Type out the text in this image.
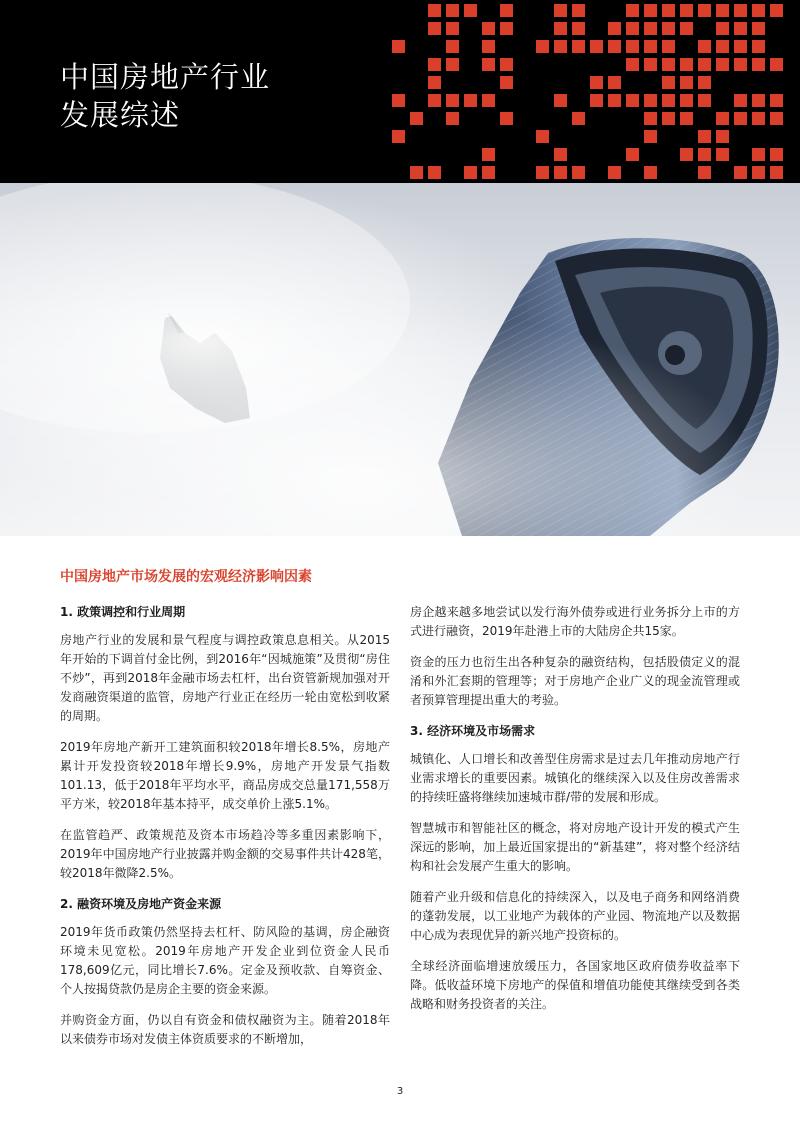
中国房地产行业
发展综述
中国房地产市场发展的宏观经济影响因素

1. 政策调控和行业周期

房地产行业的发展和景气程度与调控政策息息相关。从2015年开始的下调首付金比例，到2016年“因城施策”及贯彻“房住不炒”，再到2018年金融市场去杠杆，出台资管新规加强对开发商融资渠道的监管，房地产行业正在经历一轮由宽松到收紧的周期。

2019年房地产新开工建筑面积较2018年增长8.5%，房地产累计开发投资较2018年增长9.9%，房地产开发景气指数101.13，低于2018年平均水平，商品房成交总量171,558万平方米，较2018年基本持平，成交单价上涨5.1%。

在监管趋严、政策规范及资本市场趋冷等多重因素影响下，2019年中国房地产行业披露并购金额的交易事件共计428笔，较2018年微降2.5%。

2. 融资环境及房地产资金来源

2019年货币政策仍然坚持去杠杆、防风险的基调，房企融资环境未见宽松。2019年房地产开发企业到位资金人民币178,609亿元，同比增长7.6%。定金及预收款、自筹资金、个人按揭贷款仍是房企主要的资金来源。

并购资金方面，仍以自有资金和债权融资为主。随着2018年以来债券市场对发债主体资质要求的不断增加，

房企越来越多地尝试以发行海外债券或进行业务拆分上市的方式进行融资，2019年赴港上市的大陆房企共15家。

资金的压力也衍生出各种复杂的融资结构，包括股债定义的混淆和外汇套期的管理等；对于房地产企业广义的现金流管理或者预算管理提出重大的考验。

3. 经济环境及市场需求

城镇化、人口增长和改善型住房需求是过去几年推动房地产行业需求增长的重要因素。城镇化的继续深入以及住房改善需求的持续旺盛将继续加速城市群/带的发展和形成。

智慧城市和智能社区的概念，将对房地产设计开发的模式产生深远的影响，加上最近国家提出的“新基建”，将对整个经济结构和社会发展产生重大的影响。

随着产业升级和信息化的持续深入，以及电子商务和网络消费的蓬勃发展，以工业地产为载体的产业园、物流地产以及数据中心成为表现优异的新兴地产投资标的。

全球经济面临增速放缓压力，各国家地区政府债券收益率下降。低收益环境下房地产的保值和增值功能使其继续受到各类战略和财务投资者的关注。

3
